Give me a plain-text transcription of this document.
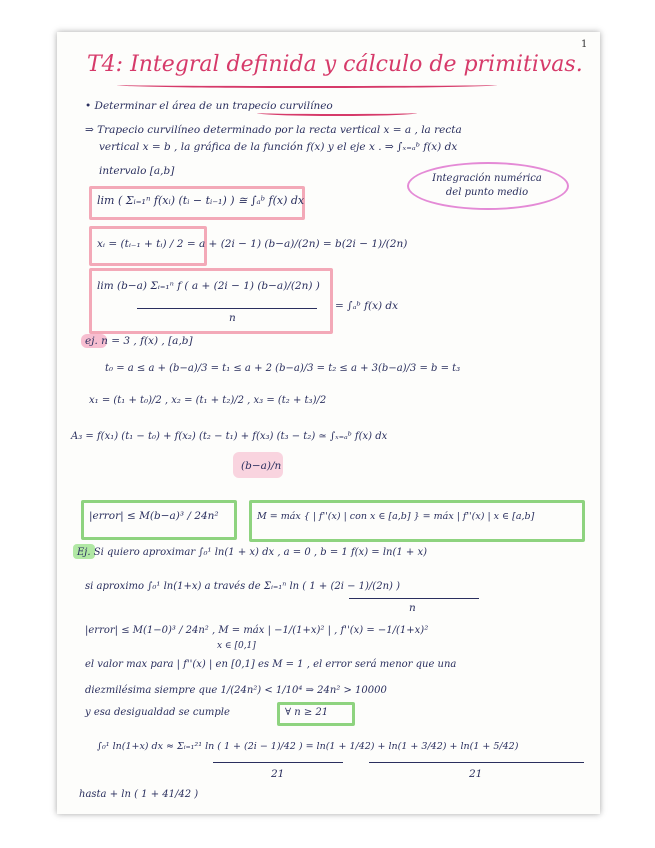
1
T4: Integral definida y cálculo de primitivas.
• Determinar el área de un trapecio curvilíneo
⇒ Trapecio curvilíneo determinado por la recta vertical x = a , la recta
vertical x = b , la gráfica de la función f(x) y el eje x . ⇒ ∫ₓ₌ₐᵇ f(x) dx
intervalo [a,b]
Integración numérica del punto medio
lim ( Σᵢ₌₁ⁿ f(xᵢ) (tᵢ − tᵢ₋₁) ) ≅ ∫ₐᵇ f(x) dx
xᵢ = (tᵢ₋₁ + tᵢ) / 2 = a + (2i − 1) (b−a)/(2n) = b(2i − 1)/(2n)
lim (b−a) Σᵢ₌₁ⁿ f ( a + (2i − 1) (b−a)/(2n) )
n
= ∫ₐᵇ f(x) dx
ej. n = 3 , f(x) , [a,b]
t₀ = a ≤ a + (b−a)/3 = t₁ ≤ a + 2 (b−a)/3 = t₂ ≤ a + 3(b−a)/3 = b = t₃
x₁ = (t₁ + t₀)/2 , x₂ = (t₁ + t₂)/2 , x₃ = (t₂ + t₃)/2
A₃ = f(x₁) (t₁ − t₀) + f(x₂) (t₂ − t₁) + f(x₃) (t₃ − t₂) ≃ ∫ₓ₌ₐᵇ f(x) dx
(b−a)/n
|error| ≤ M(b−a)³ / 24n²	M = máx { | f''(x) | con x ∈ [a,b] } = máx | f''(x) | x ∈ [a,b]
Ej. Si quiero aproximar ∫₀¹ ln(1 + x) dx , a = 0 , b = 1 f(x) = ln(1 + x)
si aproximo ∫₀¹ ln(1+x) a través de Σᵢ₌₁ⁿ ln ( 1 + (2i − 1)/(2n) )
n
|error| ≤ M(1−0)³ / 24n² , M = máx | −1/(1+x)² | , f''(x) = −1/(1+x)²
x ∈ [0,1]
el valor max para | f''(x) | en [0,1] es M = 1 , el error será menor que una
diezmilésima siempre que 1/(24n²) < 1/10⁴ ⇒ 24n² > 10000
y esa desigualdad se cumple	∀ n ≥ 21
∫₀¹ ln(1+x) dx ≈ Σᵢ₌₁²¹ ln ( 1 + (2i − 1)/42 ) = ln(1 + 1/42) + ln(1 + 3/42) + ln(1 + 5/42)
21	21
hasta + ln ( 1 + 41/42 )
